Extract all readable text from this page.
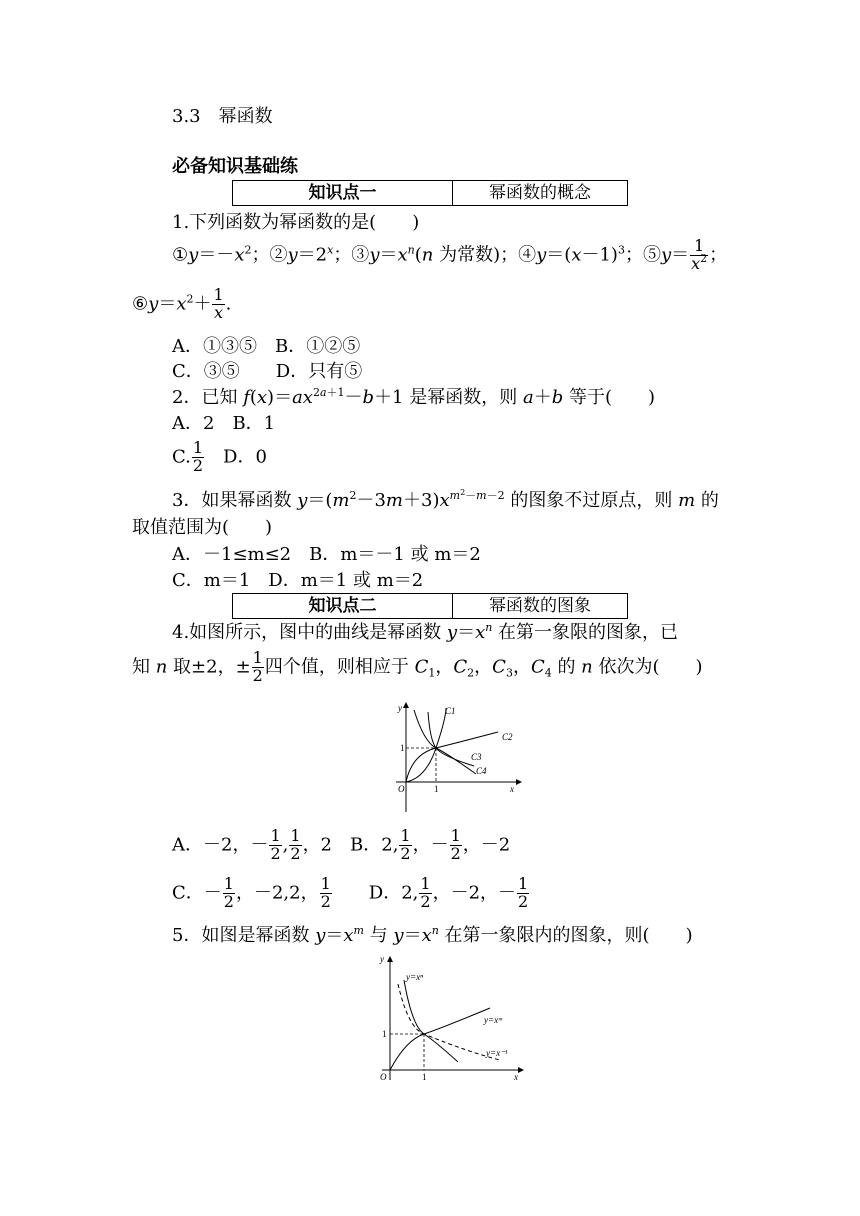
3.3　幂函数
必备知识基础练
知识点一	幂函数的概念
1.下列函数为幂函数的是(　　)
$①y=-x^2$；$②y=2^x$；$③y=x^n(n$ 为常数)；$④y=(x-1)^3$；⑤y＝ $\frac{1}{x^2}$ ；
$⑥y=x^2+ \frac{1}{x}$ .
A．①③⑤　B．①②⑤
C．③⑤　　D．只有⑤
2．已知 $f(x)=ax^{2a+1}-b+1$ 是幂函数，则 a＋b 等于(　　)
A．2　B．1
C. $\frac{1}{2}$
　 D．0
3．如果幂函数 $y=(m^2-3m+3)x^{m^2-m-2}$ 的图象不过原点，则 m 的
取值范围为(　　)
A．－1≤m≤2　B．m＝－1 或 m＝2
C．m＝1　D．m＝1 或 m＝2
知识点二	幂函数的图象
4.如图所示，图中的曲线是幂函数 $y=x^n$ 在第一象限的图象，已
知 n 取±2，± $\frac{1}{2}$ 四个值，则相应于 $C_1$，$C_2$，$C_3$，$C_4$ 的 n 依次为(　　)
C1
C2
C3
C4
y
x
O	1
1
A．－2，－ $\frac{1}{2}$ , $\frac{1}{2}$ ，2　B．2, $\frac{1}{2}$ ，－ $\frac{1}{2}$ ，－2
C．－ $\frac{1}{2}$ ，－2,2， $\frac{1}{2}$ 　　D．2, $\frac{1}{2}$ ，－2，－ $\frac{1}{2}$
5．如图是幂函数 $y=x^m$ 与 $y=x^n$ 在第一象限内的图象，则(　　)
y=xⁿ
y=xᵐ
y=x⁻¹
y
x
O	1
1
